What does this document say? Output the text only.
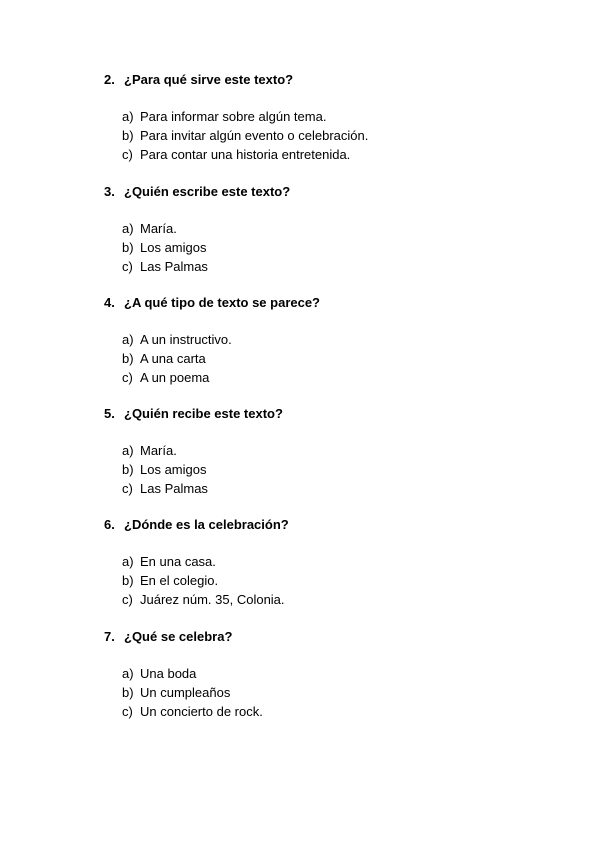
2. ¿Para qué sirve este texto?
a) Para informar sobre algún tema.
b) Para invitar algún evento o celebración.
c) Para contar una historia entretenida.
3. ¿Quién escribe este texto?
a) María.
b) Los amigos
c) Las Palmas
4. ¿A qué tipo de texto se parece?
a) A un instructivo.
b) A una carta
c) A un poema
5. ¿Quién recibe este texto?
a) María.
b) Los amigos
c) Las Palmas
6. ¿Dónde es la celebración?
a) En una casa.
b) En el colegio.
c) Juárez núm. 35, Colonia.
7. ¿Qué se celebra?
a) Una boda
b) Un cumpleaños
c) Un concierto de rock.
